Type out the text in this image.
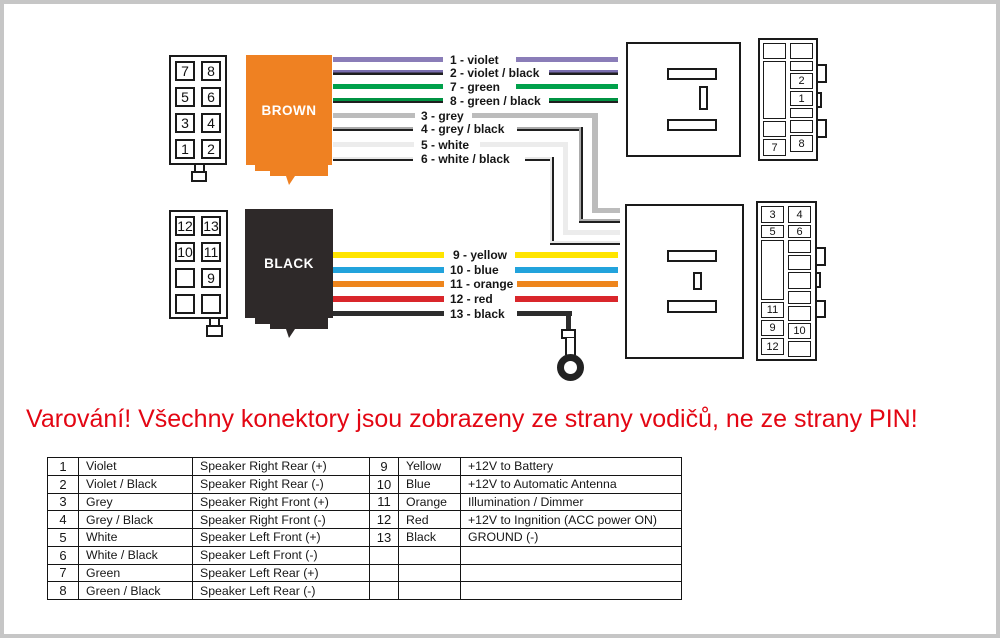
BROWN
BLACK
7	8
5	6
3	4
1	2
12 13
10 11
9
1 - violet
2 - violet / black
7 - green
8 - green / black
3 - grey
4 - grey / black
5 - white
6 - white / black
9 - yellow
10 - blue
11 - orange
12 - red
13 - black
7
2
1
8
3
5
11
9
12
4
6
10
Varování! Všechny konektory jsou zobrazeny ze strany vodičů, ne ze strany PIN!
1	Violet	Speaker Right Rear (+)	9	Yellow	+12V to Battery
2	Violet / Black	Speaker Right Rear (-)	10	Blue	+12V to Automatic Antenna
3	Grey	Speaker Right Front (+)	11	Orange	Illumination / Dimmer
4	Grey / Black	Speaker Right Front (-)	12	Red	+12V to Ingnition (ACC power ON)
5	White	Speaker Left Front (+)	13	Black	GROUND (-)
6	White / Black	Speaker Left Front (-)			
7	Green	Speaker Left Rear (+)			
8	Green / Black	Speaker Left Rear (-)			
